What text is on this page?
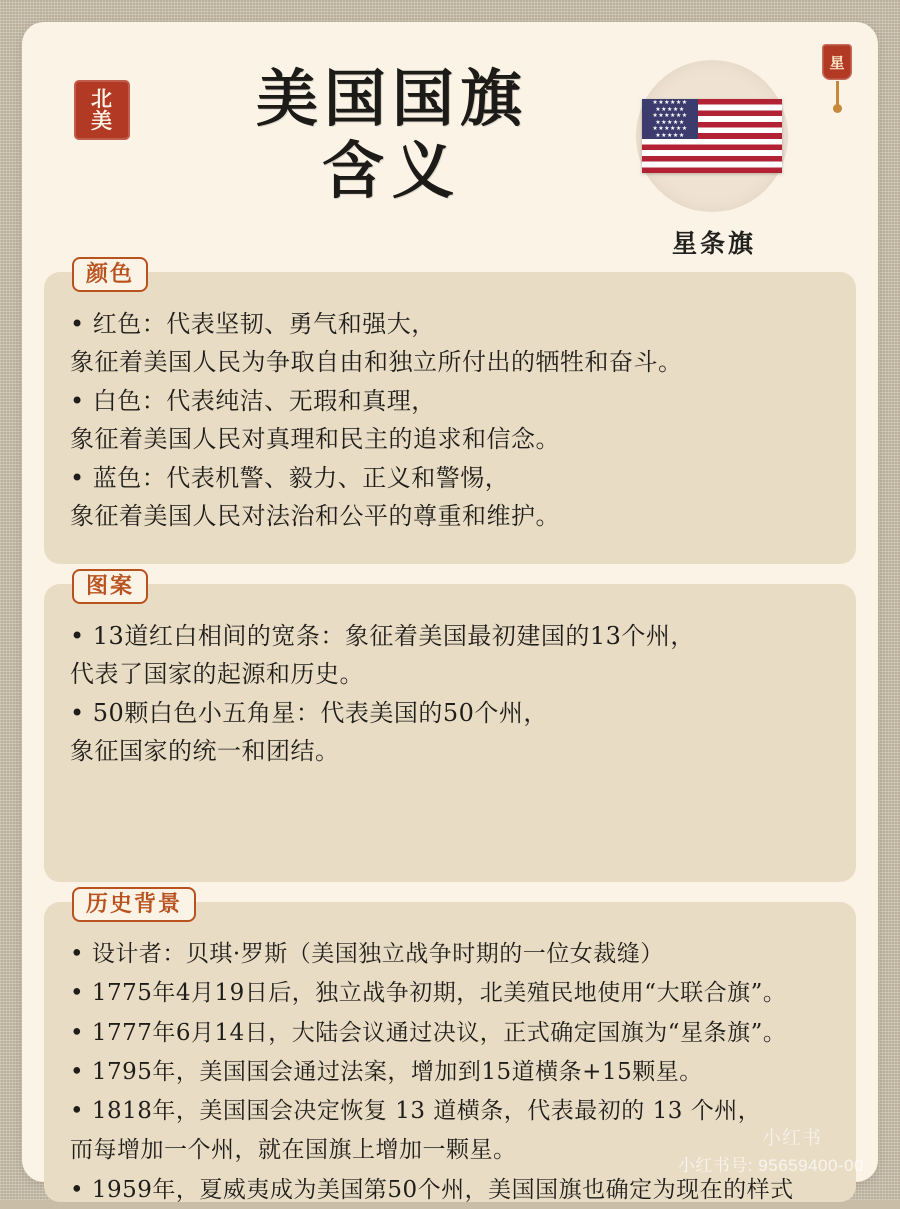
北
美	美国国旗
含义
★★★★★★
★★★★★
★★★★★★
★★★★★
★★★★★★
★★★★★
星条旗
星
颜色

• 红色：代表坚韧、勇气和强大，

象征着美国人民为争取自由和独立所付出的牺牲和奋斗。

• 白色：代表纯洁、无瑕和真理，

象征着美国人民对真理和民主的追求和信念。

• 蓝色：代表机警、毅力、正义和警惕，

象征着美国人民对法治和公平的尊重和维护。

图案

• 13道红白相间的宽条：象征着美国最初建国的13个州，

代表了国家的起源和历史。

• 50颗白色小五角星：代表美国的50个州，

象征国家的统一和团结。

历史背景

• 设计者：贝琪·罗斯（美国独立战争时期的一位女裁缝）

• 1775年4月19日后，独立战争初期，北美殖民地使用“大联合旗”。

• 1777年6月14日，大陆会议通过决议，正式确定国旗为“星条旗”。

• 1795年，美国国会通过法案，增加到15道横条+15颗星。

• 1818年，美国国会决定恢复 13 道横条，代表最初的 13 个州，

而每增加一个州，就在国旗上增加一颗星。

• 1959年，夏威夷成为美国第50个州，美国国旗也确定为现在的样式

小红书
小红书号: 95659400-00
